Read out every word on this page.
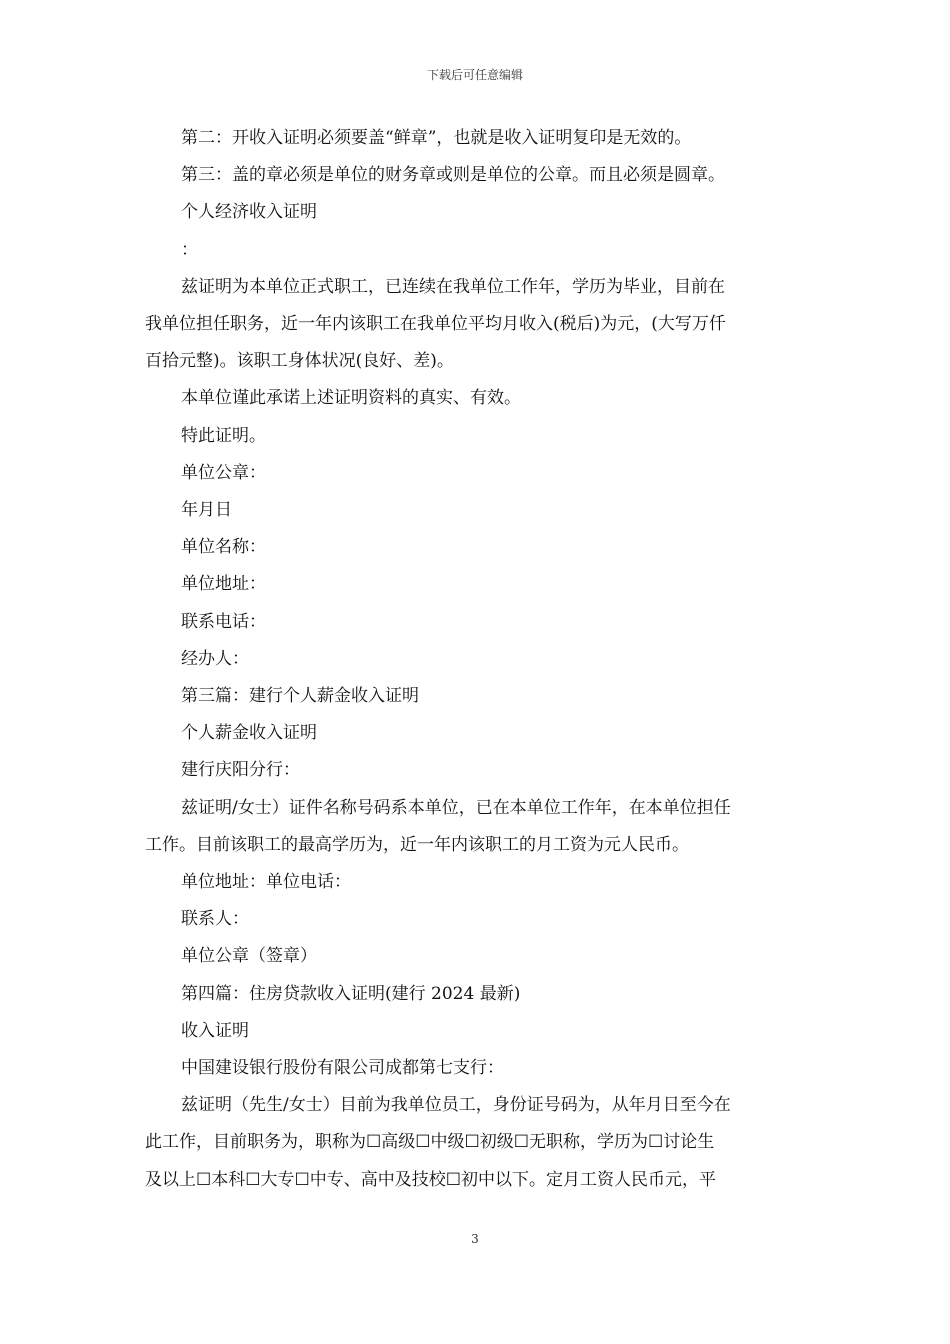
下载后可任意编辑

第二：开收入证明必须要盖“鲜章”，也就是收入证明复印是无效的。

第三：盖的章必须是单位的财务章或则是单位的公章。而且必须是圆章。

个人经济收入证明

：

兹证明为本单位正式职工，已连续在我单位工作年，学历为毕业，目前在
我单位担任职务，近一年内该职工在我单位平均月收入(税后)为元，(大写万仟
百拾元整)。该职工身体状况(良好、差)。

本单位谨此承诺上述证明资料的真实、有效。

特此证明。

单位公章：

年月日

单位名称：

单位地址：

联系电话：

经办人：

第三篇：建行个人薪金收入证明

个人薪金收入证明

建行庆阳分行：

兹证明/女士）证件名称号码系本单位，已在本单位工作年，在本单位担任
工作。目前该职工的最高学历为，近一年内该职工的月工资为元人民币。

单位地址：单位电话：

联系人：

单位公章（签章）

第四篇：住房贷款收入证明(建行 2024 最新)

收入证明

中国建设银行股份有限公司成都第七支行：

兹证明（先生/女士）目前为我单位员工，身份证号码为，从年月日至今在
此工作，目前职务为，职称为☐高级☐中级☐初级☐无职称，学历为☐讨论生
及以上☐本科☐大专☐中专、高中及技校☐初中以下。定月工资人民币元，平
3
